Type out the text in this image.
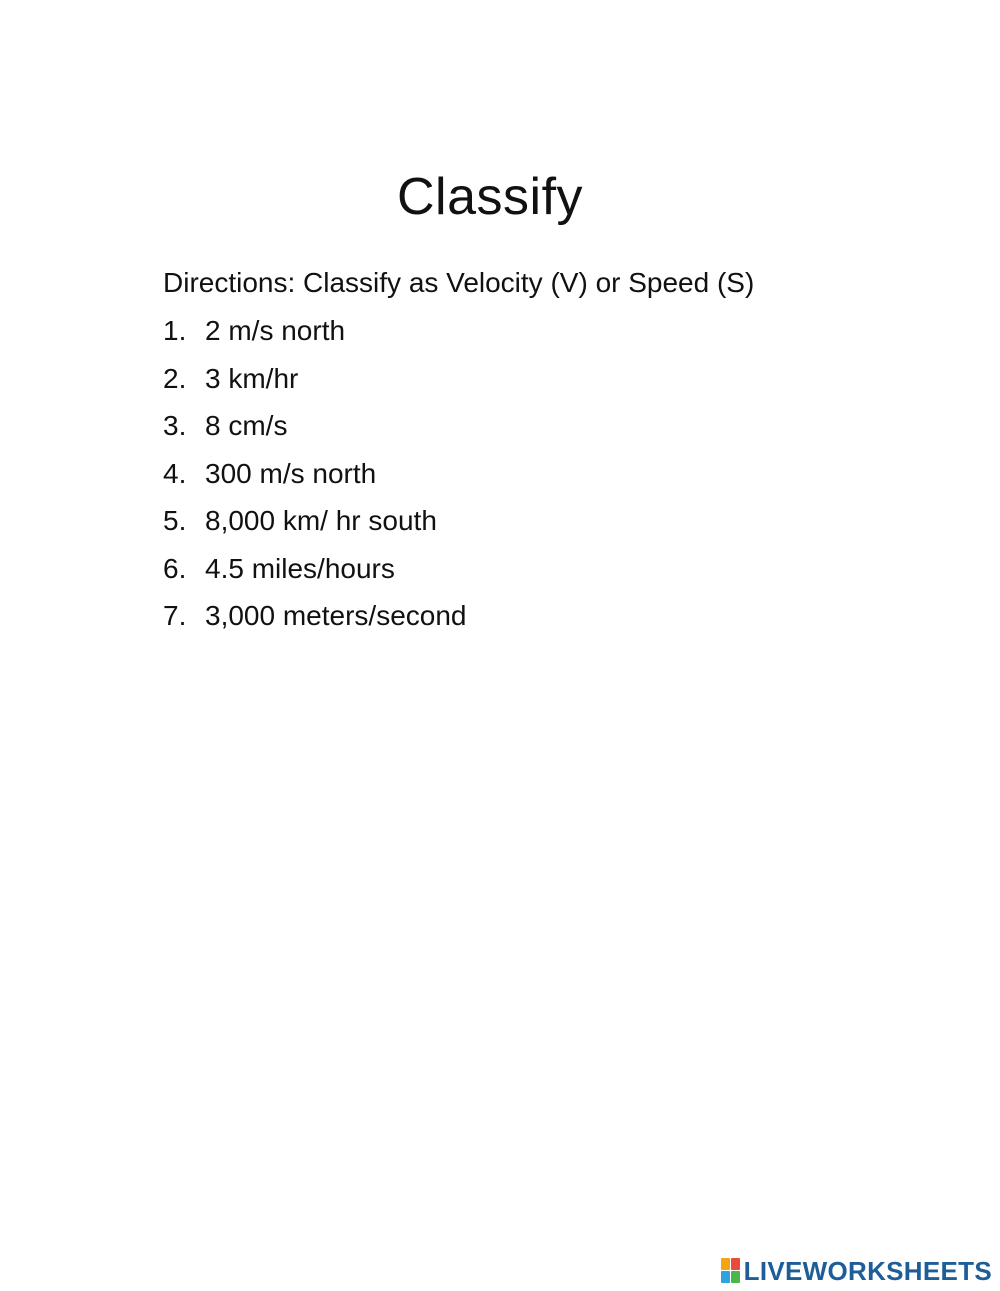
Classify

Directions: Classify as Velocity (V) or Speed (S)

1. 2 m/s north
2. 3 km/hr
3. 8 cm/s
4. 300 m/s north
5. 8,000 km/ hr south
6. 4.5 miles/hours
7. 3,000 meters/second
LIVEWORKSHEETS
